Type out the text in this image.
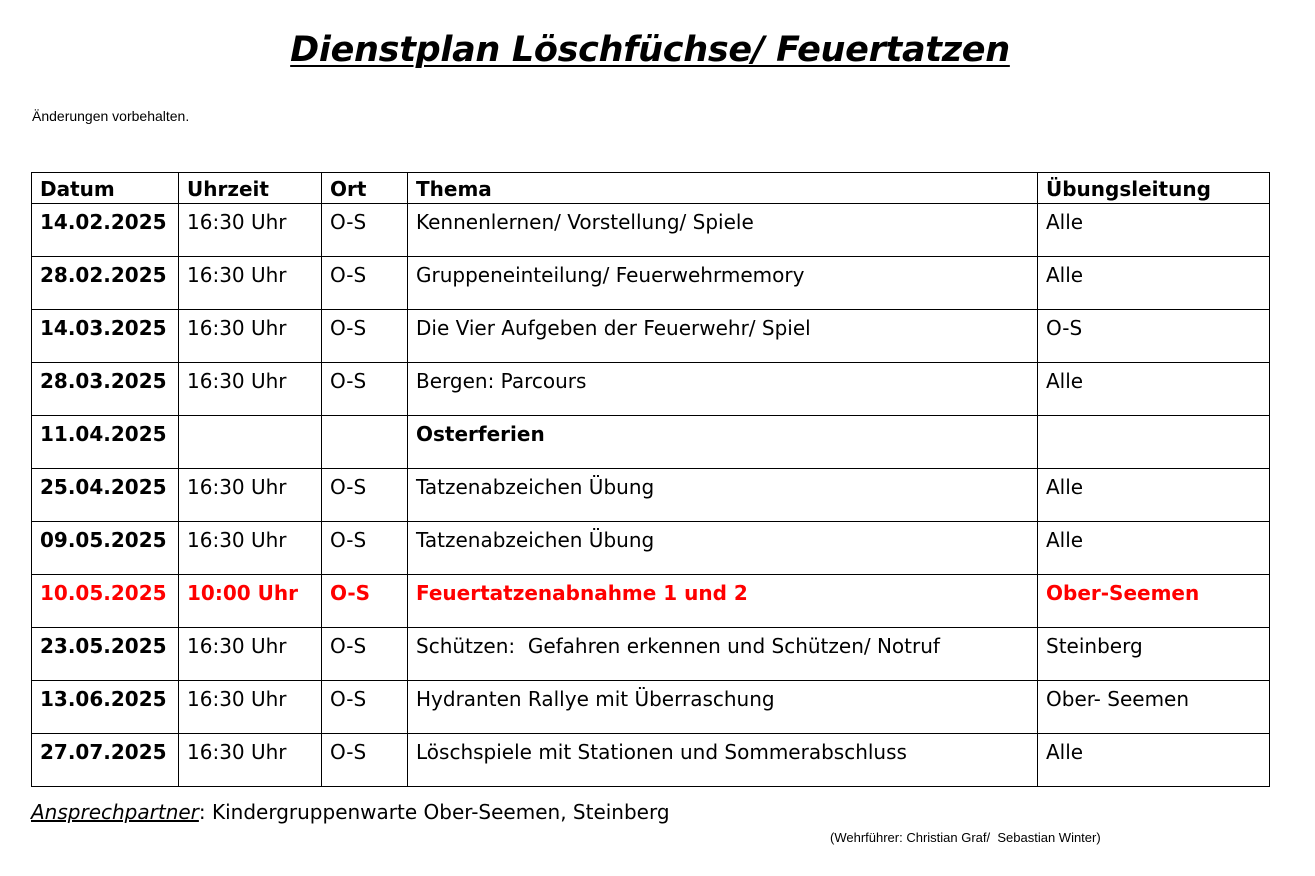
Dienstplan Löschfüchse/ Feuertatzen
Änderungen vorbehalten.
Datum	Uhrzeit	Ort	Thema	Übungsleitung
14.02.2025	16:30 Uhr	O-S	Kennenlernen/ Vorstellung/ Spiele	Alle
28.02.2025	16:30 Uhr	O-S	Gruppeneinteilung/ Feuerwehrmemory	Alle
14.03.2025	16:30 Uhr	O-S	Die Vier Aufgeben der Feuerwehr/ Spiel	O-S
28.03.2025	16:30 Uhr	O-S	Bergen: Parcours	Alle
11.04.2025			Osterferien	
25.04.2025	16:30 Uhr	O-S	Tatzenabzeichen Übung	Alle
09.05.2025	16:30 Uhr	O-S	Tatzenabzeichen Übung	Alle
10.05.2025	10:00 Uhr	O-S	Feuertatzenabnahme 1 und 2	Ober-Seemen
23.05.2025	16:30 Uhr	O-S	Schützen:  Gefahren erkennen und Schützen/ Notruf	Steinberg
13.06.2025	16:30 Uhr	O-S	Hydranten Rallye mit Überraschung	Ober- Seemen
27.07.2025	16:30 Uhr	O-S	Löschspiele mit Stationen und Sommerabschluss	Alle
Ansprechpartner: Kindergruppenwarte Ober-Seemen, Steinberg
(Wehrführer: Christian Graf/  Sebastian Winter)
